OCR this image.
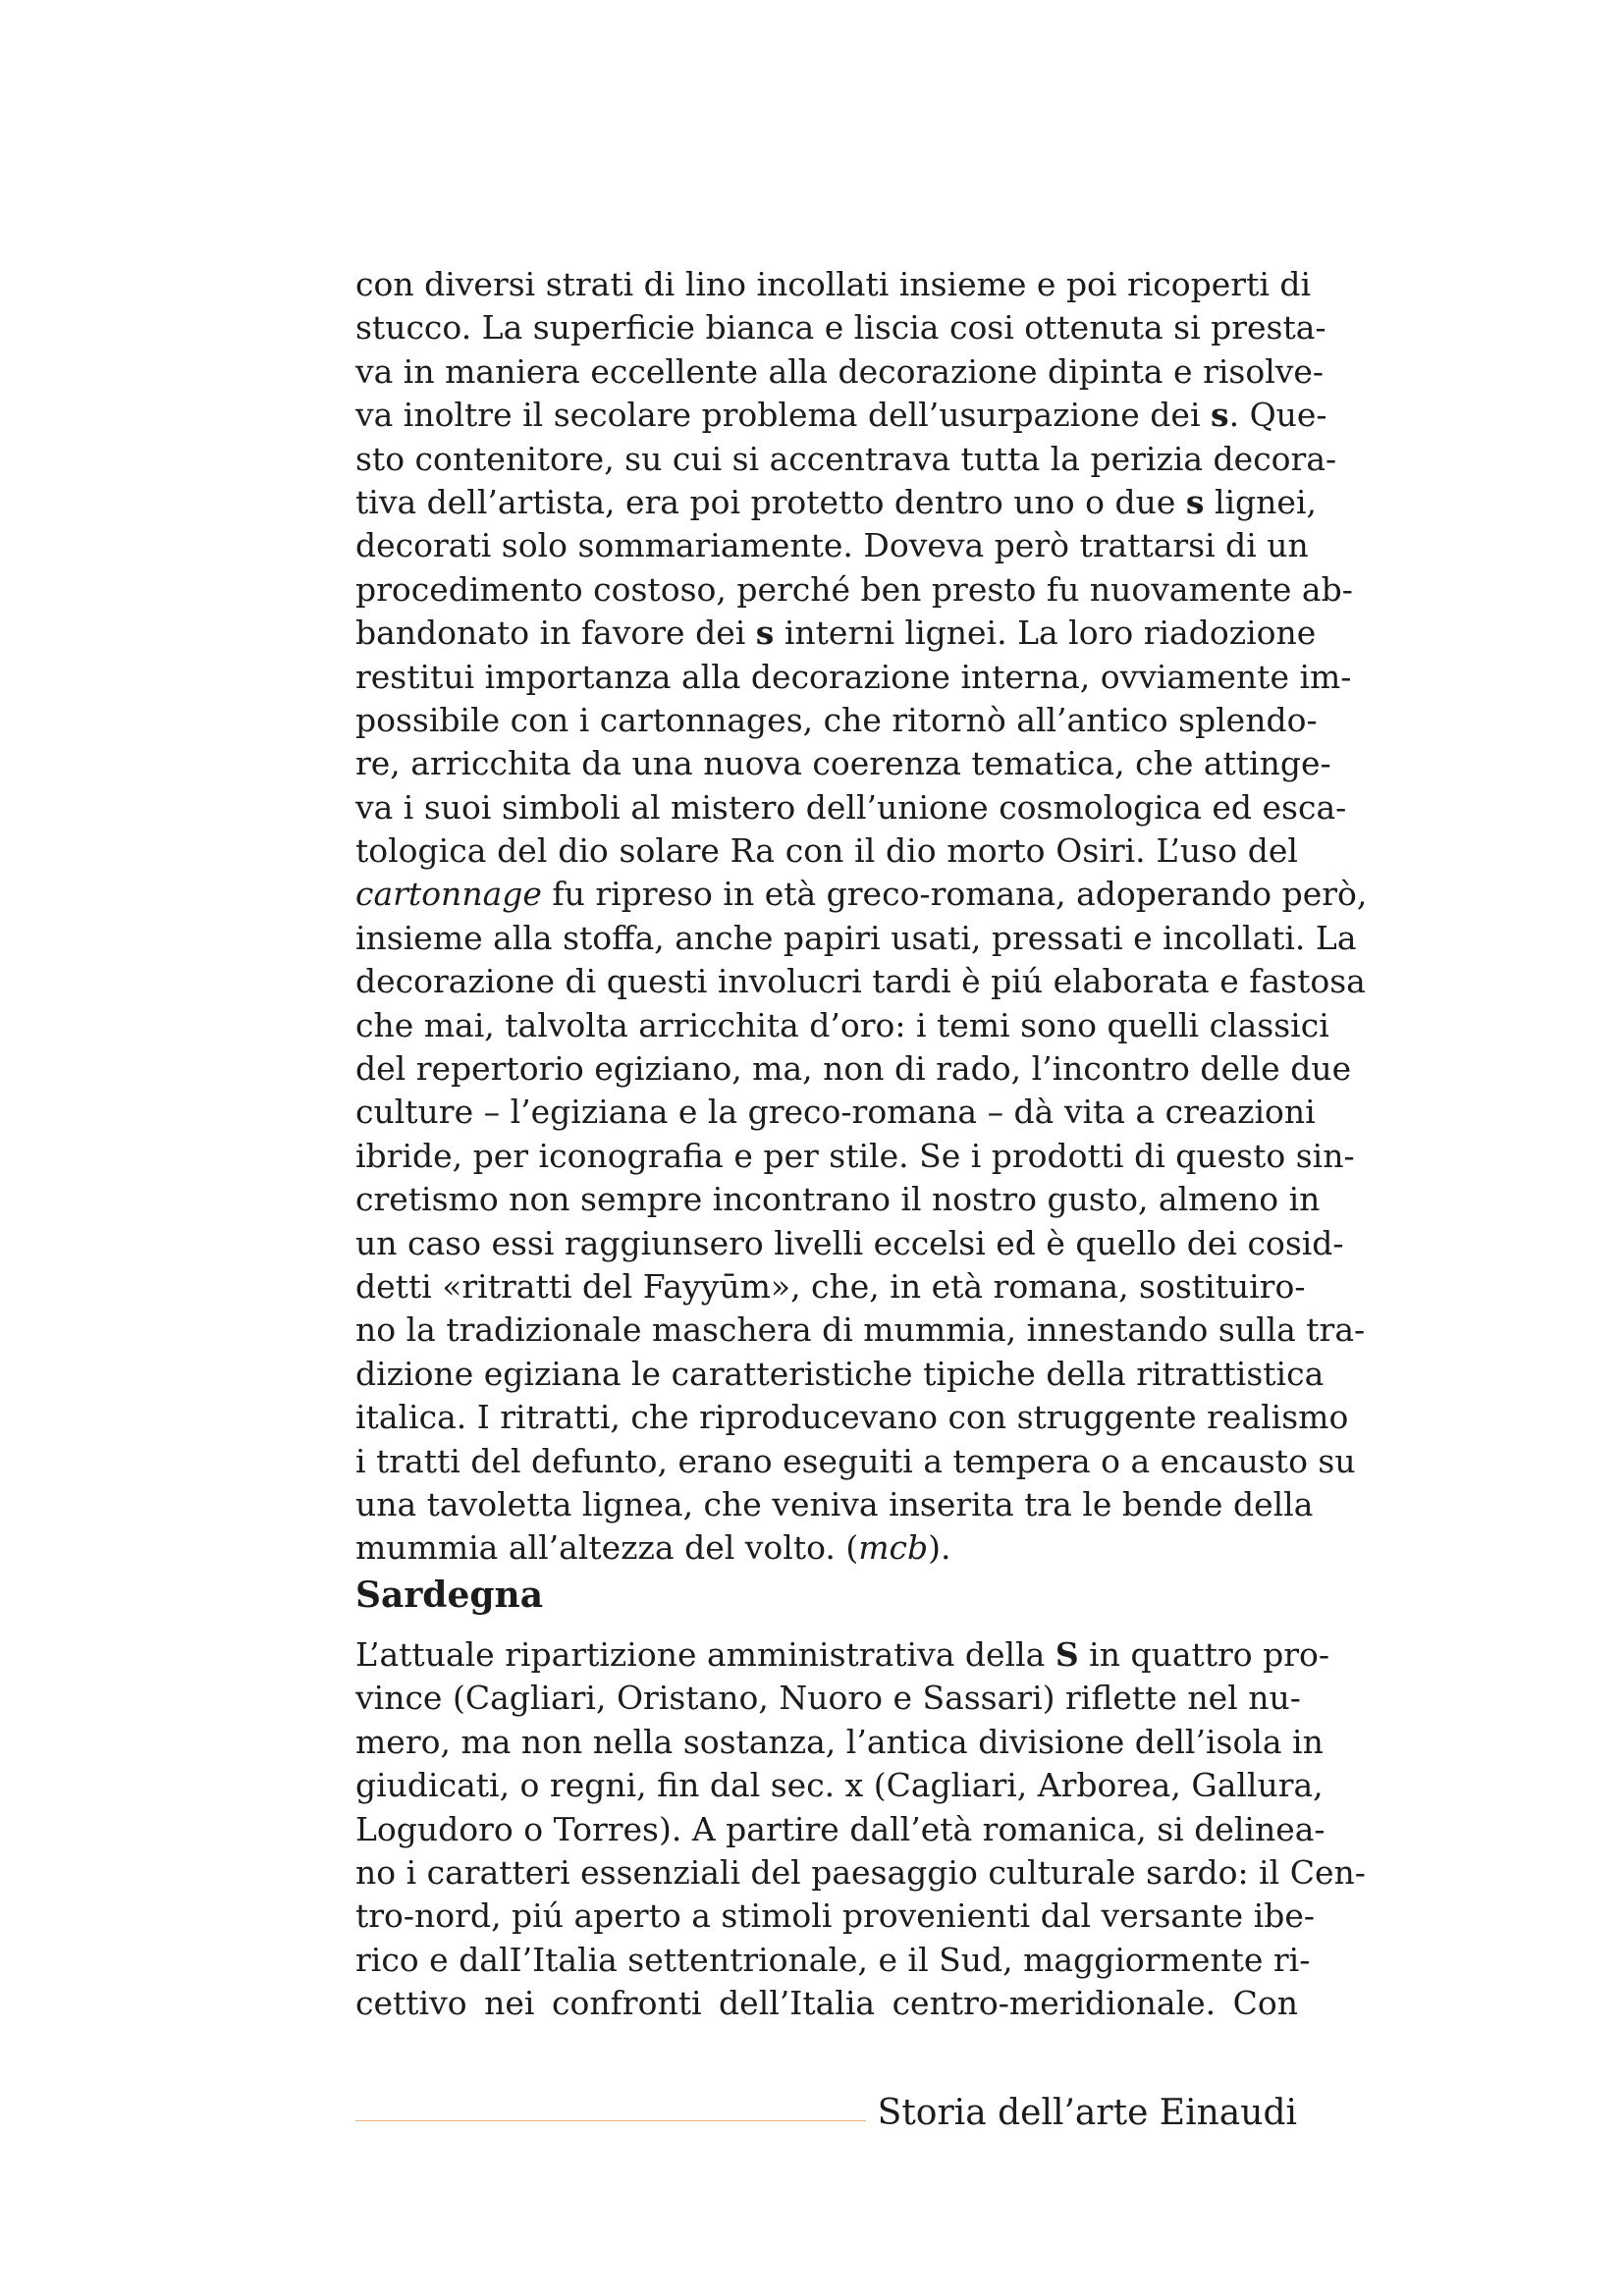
con diversi strati di lino incollati insieme e poi ricoperti di
stucco. La superficie bianca e liscia cosi ottenuta si presta-
va in maniera eccellente alla decorazione dipinta e risolve-
va inoltre il secolare problema dell’usurpazione dei s. Que-
sto contenitore, su cui si accentrava tutta la perizia decora-
tiva dell’artista, era poi protetto dentro uno o due s lignei,
decorati solo sommariamente. Doveva però trattarsi di un
procedimento costoso, perché ben presto fu nuovamente ab-
bandonato in favore dei s interni lignei. La loro riadozione
restitui importanza alla decorazione interna, ovviamente im-
possibile con i cartonnages, che ritornò all’antico splendo-
re, arricchita da una nuova coerenza tematica, che attinge-
va i suoi simboli al mistero dell’unione cosmologica ed esca-
tologica del dio solare Ra con il dio morto Osiri. L’uso del
cartonnage fu ripreso in età greco-romana, adoperando però,
insieme alla stoffa, anche papiri usati, pressati e incollati. La
decorazione di questi involucri tardi è piú elaborata e fastosa
che mai, talvolta arricchita d’oro: i temi sono quelli classici
del repertorio egiziano, ma, non di rado, l’incontro delle due
culture – l’egiziana e la greco-romana – dà vita a creazioni
ibride, per iconografia e per stile. Se i prodotti di questo sin-
cretismo non sempre incontrano il nostro gusto, almeno in
un caso essi raggiunsero livelli eccelsi ed è quello dei cosid-
detti «ritratti del Fayyūm», che, in età romana, sostituiro-
no la tradizionale maschera di mummia, innestando sulla tra-
dizione egiziana le caratteristiche tipiche della ritrattistica
italica. I ritratti, che riproducevano con struggente realismo
i tratti del defunto, erano eseguiti a tempera o a encausto su
una tavoletta lignea, che veniva inserita tra le bende della
mummia all’altezza del volto. (mcb).
Sardegna
L’attuale ripartizione amministrativa della S in quattro pro-
vince (Cagliari, Oristano, Nuoro e Sassari) riflette nel nu-
mero, ma non nella sostanza, l’antica divisione dell’isola in
giudicati, o regni, fin dal sec. x (Cagliari, Arborea, Gallura,
Logudoro o Torres). A partire dall’età romanica, si delinea-
no i caratteri essenziali del paesaggio culturale sardo: il Cen-
tro-nord, piú aperto a stimoli provenienti dal versante ibe-
rico e dalI’Italia settentrionale, e il Sud, maggiormente ri-
cettivo nei confronti dell’Italia centro-meridionale. Con
Storia dell’arte Einaudi
